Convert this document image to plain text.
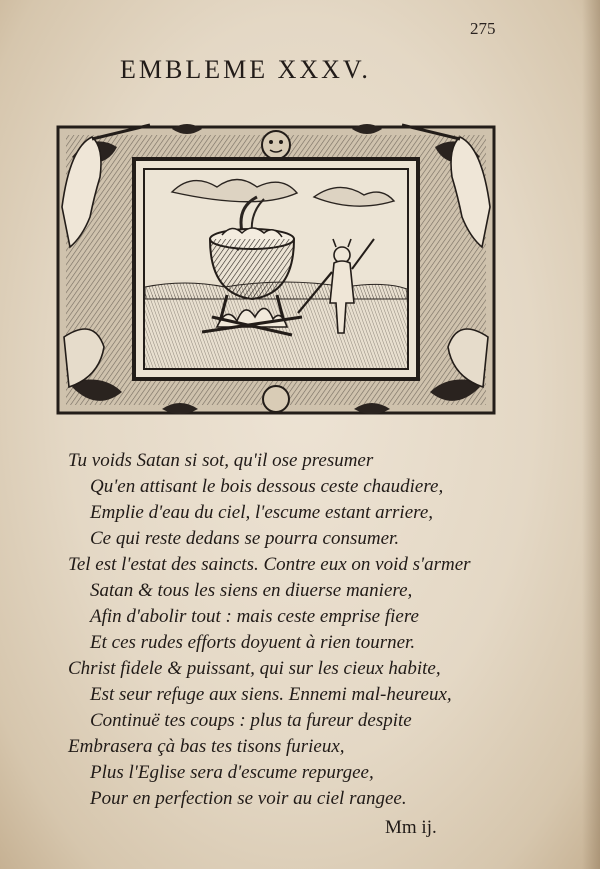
275
EMBLEME XXXV.
Tu voids Satan si sot, qu'il ose presumer
Qu'en attisant le bois dessous ceste chaudiere,
Emplie d'eau du ciel, l'escume estant arriere,
Ce qui reste dedans se pourra consumer.
Tel est l'estat des saincts. Contre eux on void s'armer
Satan & tous les siens en diuerse maniere,
Afin d'abolir tout : mais ceste emprise fiere
Et ces rudes efforts doyuent à rien tourner.
Christ fidele & puissant, qui sur les cieux habite,
Est seur refuge aux siens. Ennemi mal-heureux,
Continuë tes coups : plus ta fureur despite
Embrasera çà bas tes tisons furieux,
Plus l'Eglise sera d'escume repurgee,
Pour en perfection se voir au ciel rangee.
Mm ij.
